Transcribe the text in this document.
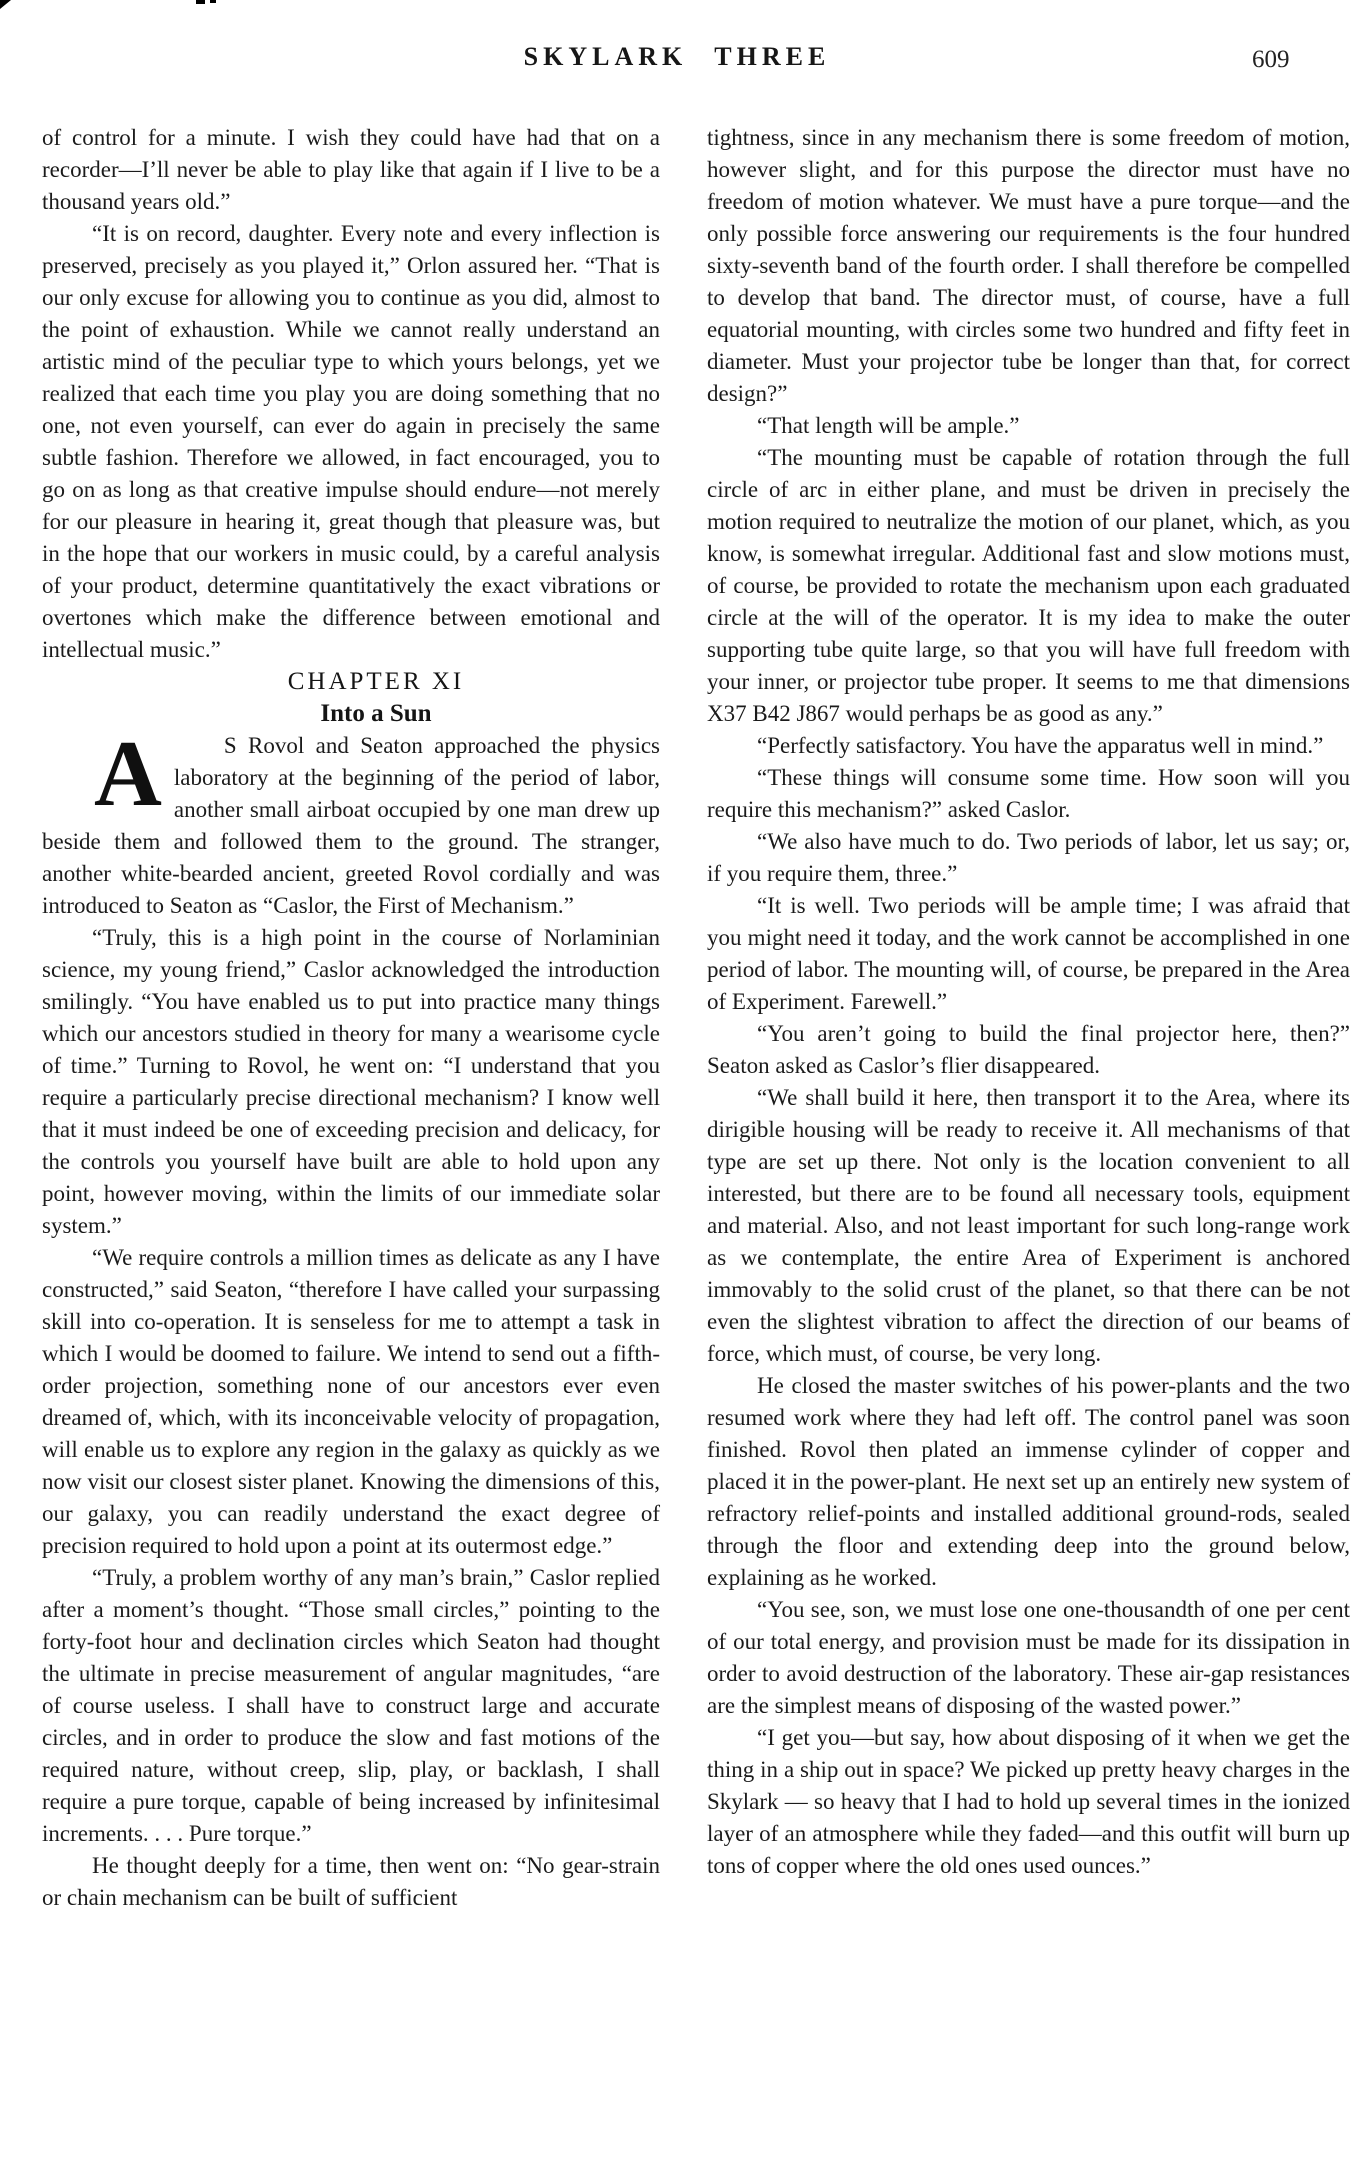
SKYLARK THREE	609

of control for a minute. I wish they could have had that on a recorder—I’ll never be able to play like that again if I live to be a thousand years old.”

“It is on record, daughter. Every note and every inflection is preserved, precisely as you played it,” Orlon assured her. “That is our only excuse for allowing you to continue as you did, almost to the point of exhaustion. While we cannot really understand an artistic mind of the peculiar type to which yours belongs, yet we realized that each time you play you are doing something that no one, not even yourself, can ever do again in precisely the same subtle fashion. Therefore we allowed, in fact encouraged, you to go on as long as that creative impulse should endure—not merely for our pleasure in hearing it, great though that pleasure was, but in the hope that our workers in music could, by a careful analysis of your product, determine quantitatively the exact vibrations or overtones which make the difference between emotional and intellectual music.”

CHAPTER XI

Into a Sun

A	S Rovol and Seaton approached the physics laboratory at the beginning of the period of labor, another small airboat occupied by one man drew up beside them and followed them to the ground. The stranger, another white-bearded ancient, greeted Rovol cordially and was introduced to Seaton as “Caslor, the First of Mechanism.”

“Truly, this is a high point in the course of Norlaminian science, my young friend,” Caslor acknowledged the introduction smilingly. “You have enabled us to put into practice many things which our ancestors studied in theory for many a wearisome cycle of time.” Turning to Rovol, he went on: “I understand that you require a particularly precise directional mechanism? I know well that it must indeed be one of exceeding precision and delicacy, for the controls you yourself have built are able to hold upon any point, however moving, within the limits of our immediate solar system.”

“We require controls a million times as delicate as any I have constructed,” said Seaton, “therefore I have called your surpassing skill into co-operation. It is senseless for me to attempt a task in which I would be doomed to failure. We intend to send out a fifth-order projection, something none of our ancestors ever even dreamed of, which, with its inconceivable velocity of propagation, will enable us to explore any region in the galaxy as quickly as we now visit our closest sister planet. Knowing the dimensions of this, our galaxy, you can readily understand the exact degree of precision required to hold upon a point at its outermost edge.”

“Truly, a problem worthy of any man’s brain,” Caslor replied after a moment’s thought. “Those small circles,” pointing to the forty-foot hour and declination circles which Seaton had thought the ultimate in precise measurement of angular magnitudes, “are of course useless. I shall have to construct large and accurate circles, and in order to produce the slow and fast motions of the required nature, without creep, slip, play, or backlash, I shall require a pure torque, capable of being increased by infinitesimal increments. . . . Pure torque.”

He thought deeply for a time, then went on: “No gear-strain or chain mechanism can be built of sufficient

tightness, since in any mechanism there is some freedom of motion, however slight, and for this purpose the director must have no freedom of motion whatever. We must have a pure torque—and the only possible force answering our requirements is the four hundred sixty-seventh band of the fourth order. I shall therefore be compelled to develop that band. The director must, of course, have a full equatorial mounting, with circles some two hundred and fifty feet in diameter. Must your projector tube be longer than that, for correct design?”

“That length will be ample.”

“The mounting must be capable of rotation through the full circle of arc in either plane, and must be driven in precisely the motion required to neutralize the motion of our planet, which, as you know, is somewhat irregular. Additional fast and slow motions must, of course, be provided to rotate the mechanism upon each graduated circle at the will of the operator. It is my idea to make the outer supporting tube quite large, so that you will have full freedom with your inner, or projector tube proper. It seems to me that dimensions X37 B42 J867 would perhaps be as good as any.”

“Perfectly satisfactory. You have the apparatus well in mind.”

“These things will consume some time. How soon will you require this mechanism?” asked Caslor.

“We also have much to do. Two periods of labor, let us say; or, if you require them, three.”

“It is well. Two periods will be ample time; I was afraid that you might need it today, and the work cannot be accomplished in one period of labor. The mounting will, of course, be prepared in the Area of Experiment. Farewell.”

“You aren’t going to build the final projector here, then?” Seaton asked as Caslor’s flier disappeared.

“We shall build it here, then transport it to the Area, where its dirigible housing will be ready to receive it. All mechanisms of that type are set up there. Not only is the location convenient to all interested, but there are to be found all necessary tools, equipment and material. Also, and not least important for such long-range work as we contemplate, the entire Area of Experiment is anchored immovably to the solid crust of the planet, so that there can be not even the slightest vibration to affect the direction of our beams of force, which must, of course, be very long.

He closed the master switches of his power-plants and the two resumed work where they had left off. The control panel was soon finished. Rovol then plated an immense cylinder of copper and placed it in the power-plant. He next set up an entirely new system of refractory relief-points and installed additional ground-rods, sealed through the floor and extending deep into the ground below, explaining as he worked.

“You see, son, we must lose one one-thousandth of one per cent of our total energy, and provision must be made for its dissipation in order to avoid destruction of the laboratory. These air-gap resistances are the simplest means of disposing of the wasted power.”

“I get you—but say, how about disposing of it when we get the thing in a ship out in space? We picked up pretty heavy charges in the Skylark — so heavy that I had to hold up several times in the ionized layer of an atmosphere while they faded—and this outfit will burn up tons of copper where the old ones used ounces.”
